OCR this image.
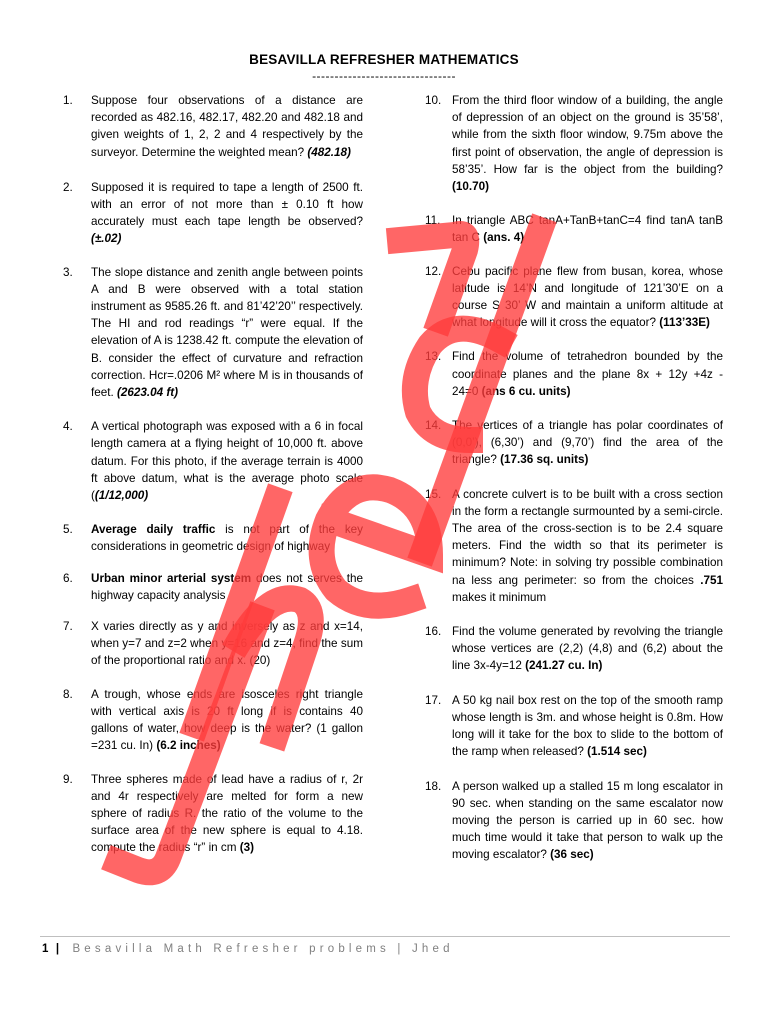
BESAVILLA REFRESHER MATHEMATICS
--------------------------------
1.	Suppose four observations of a distance are recorded as 482.16, 482.17, 482.20 and 482.18 and given weights of 1, 2, 2 and 4 respectively by the surveyor. Determine the weighted mean? (482.18)
2.	Supposed it is required to tape a length of 2500 ft. with an error of not more than ± 0.10 ft how accurately must each tape length be observed? (±.02)
3.	The slope distance and zenith angle between points A and B were observed with a total station instrument as 9585.26 ft. and 81’42’20’’ respectively. The HI and rod readings “r” were equal. If the elevation of A is 1238.42 ft. compute the elevation of B. consider the effect of curvature and refraction correction. Hcr=.0206 M² where M is in thousands of feet. (2623.04 ft)
4.	A vertical photograph was exposed with a 6 in focal length camera at a flying height of 10,000 ft. above datum. For this photo, if the average terrain is 4000 ft above datum, what is the average photo scale ((1/12,000)
5.	Average daily traffic is not part of the key considerations in geometric design of highway
6.	Urban minor arterial system does not serves the highway capacity analysis
7.	X varies directly as y and inversely as z and x=14, when y=7 and z=2 when y=16 and z=4, find the sum of the proportional ratio and x. (20)
8.	A trough, whose ends are isosceles right triangle with vertical axis is 20 ft long if is contains 40 gallons of water, how deep is the water? (1 gallon =231 cu. In) (6.2 inches)
9.	Three spheres made of lead have a radius of r, 2r and 4r respectively are melted for form a new sphere of radius R. the ratio of the volume to the surface area of the new sphere is equal to 4.18. compute the radius “r” in cm (3)
10. From the third floor window of a building, the angle of depression of an object on the ground is 35’58’, while from the sixth floor window, 9.75m above the first point of observation, the angle of depression is 58’35’. How far is the object from the building? (10.70)
11. In triangle ABC tanA+TanB+tanC=4 find tanA tanB tan C (ans. 4)
12. Cebu pacific plane flew from busan, korea, whose latitude is 14’N and longitude of 121’30’E on a course S 30’ W and maintain a uniform altitude at what longitude will it cross the equator? (113’33E)
13. Find the volume of tetrahedron bounded by the coordinate planes and the plane 8x + 12y +4z - 24=0 (ans 6 cu. units)
14. The vertices of a triangle has polar coordinates of (0,0’), (6,30’) and (9,70’) find the area of the triangle? (17.36 sq. units)
15. A concrete culvert is to be built with a cross section in the form a rectangle surmounted by a semi-circle. The area of the cross-section is to be 2.4 square meters. Find the width so that its perimeter is minimum? Note: in solving try possible combination na less ang perimeter: so from the choices .751 makes it minimum
16. Find the volume generated by revolving the triangle whose vertices are (2,2) (4,8) and (6,2) about the line 3x-4y=12 (241.27 cu. In)
17. A 50 kg nail box rest on the top of the smooth ramp whose length is 3m. and whose height is 0.8m. How long will it take for the box to slide to the bottom of the ramp when released? (1.514 sec)
18. A person walked up a stalled 15 m long escalator in 90 sec. when standing on the same escalator now moving the person is carried up in 60 sec. how much time would it take that person to walk up the moving escalator? (36 sec)
1 | Besavilla Math Refresher problems | Jhed
